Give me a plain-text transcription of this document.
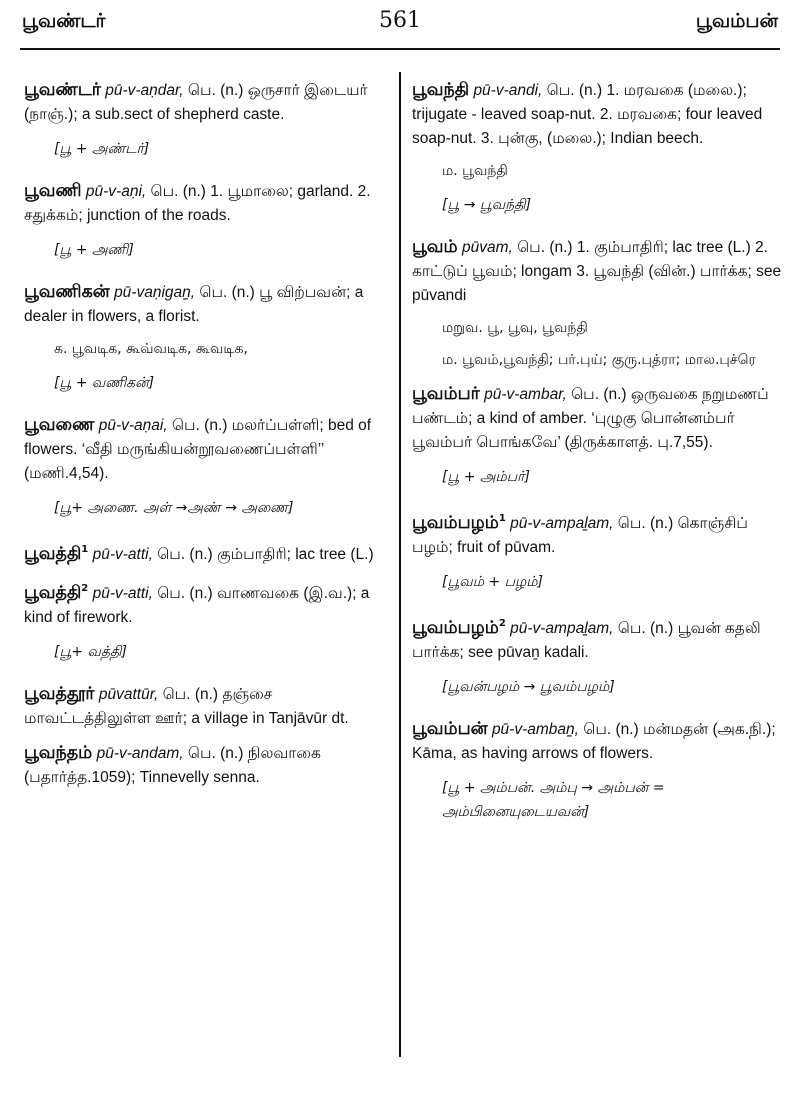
பூவண்டர்	561	பூவம்பன்

பூவண்டர் pū-v-aṇdar, பெ. (n.) ஒருசார் இடையர் (நாஞ்.); a sub.sect of shepherd caste.

[பூ + அண்டர்]

பூவணி pū-v-aṇi, பெ. (n.) 1. பூமாலை; garland. 2. சதுக்கம்; junction of the roads.

[பூ + அணி]

பூவணிகன் pū-vaṇigaṉ, பெ. (n.) பூ விற்பவன்; a dealer in flowers, a florist.

க. பூவடிக, கூவ்வடிக, கூவடிக,
[பூ + வணிகன்]

பூவணை pū-v-aṇai, பெ. (n.) மலர்ப்பள்ளி; bed of flowers. ‘வீதி மருங்கியன்றூவணைப்பள்ளி’’ (மணி.4,54).

[பூ+ அணை. அள் →அண் → அணை]

பூவத்தி$^1$ pū-v-atti, பெ. (n.) கும்பாதிரி; lac tree (L.)

பூவத்தி$^2$ pū-v-atti, பெ. (n.) வாணவகை (இ.வ.); a kind of firework.

[பூ+ வத்தி]

பூவத்தூர் pūvattūr, பெ. (n.) தஞ்சை மாவட்டத்திலுள்ள ஊர்; a village in Tanjāvūr dt.

பூவந்தம் pū-v-andam, பெ. (n.) நிலவாகை (பதார்த்த.1059); Tinnevelly senna.

பூவந்தி pū-v-andi, பெ. (n.) 1. மரவகை (மலை.); trijugate - leaved soap-nut. 2. மரவகை; four leaved soap-nut. 3. புன்கு, (மலை.); Indian beech.

ம. பூவந்தி
[பூ → பூவந்தி]

பூவம் pūvam, பெ. (n.) 1. கும்பாதிரி; lac tree (L.) 2. காட்டுப் பூவம்; longam 3. பூவந்தி (வின்.) பார்க்க; see pūvandi

மறுவ. பூ, பூவு, பூவந்தி
ம. பூவம்,பூவந்தி; பர்.புய்; குரு.புத்ரா; மால.புச்ரெ

பூவம்பர் pū-v-ambar, பெ. (n.) ஒருவகை நறுமணப் பண்டம்; a kind of amber. ‘புழுகு பொன்னம்பர் பூவம்பர் பொங்கவே’ (திருக்காளத். பு.7,55).

[பூ + அம்பர்]

பூவம்பழம்$^1$ pū-v-ampaḻam, பெ. (n.) கொஞ்சிப் பழம்; fruit of pūvam.

[பூவம் + பழம்]

பூவம்பழம்$^2$ pū-v-ampaḻam, பெ. (n.) பூவன் கதலி பார்க்க; see pūvaṉ kadali.

[பூவன்பழம் → பூவம்பழம்]

பூவம்பன் pū-v-ambaṉ, பெ. (n.) மன்மதன் (அக.நி.); Kāma, as having arrows of flowers.

[பூ + அம்பன். அம்பு → அம்பன் = அம்பினையுடையவன்]
